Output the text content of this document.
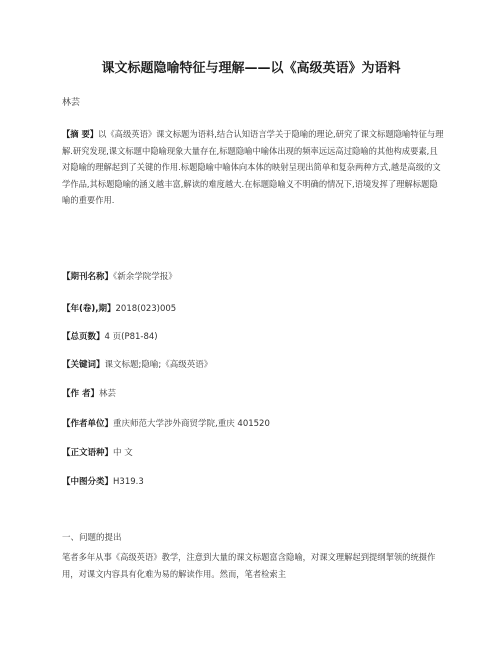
课文标题隐喻特征与理解——以《高级英语》为语料
林芸
【摘 要】以《高级英语》课文标题为语料,结合认知语言学关于隐喻的理论,研究了课文标题隐喻特征与理解.研究发现,课文标题中隐喻现象大量存在,标题隐喻中喻体出现的频率远远高过隐喻的其他构成要素,且对隐喻的理解起到了关键的作用.标题隐喻中喻体向本体的映射呈现出简单和复杂两种方式,越是高级的文学作品,其标题隐喻的涵义越丰富,解读的难度越大.在标题隐喻义不明确的情况下,语境发挥了理解标题隐喻的重要作用.
【期刊名称】《新余学院学报》
【年(卷),期】2018(023)005
【总页数】4 页(P81-84)
【关键词】课文标题;隐喻;《高级英语》
【作 者】林芸
【作者单位】重庆师范大学涉外商贸学院,重庆 401520
【正文语种】中 文
【中图分类】H319.3
一、问题的提出
笔者多年从事《高级英语》教学，注意到大量的课文标题富含隐喻，对课文理解起到提纲挈领的统摄作用，对课文内容具有化难为易的解读作用。然而，笔者检索主
